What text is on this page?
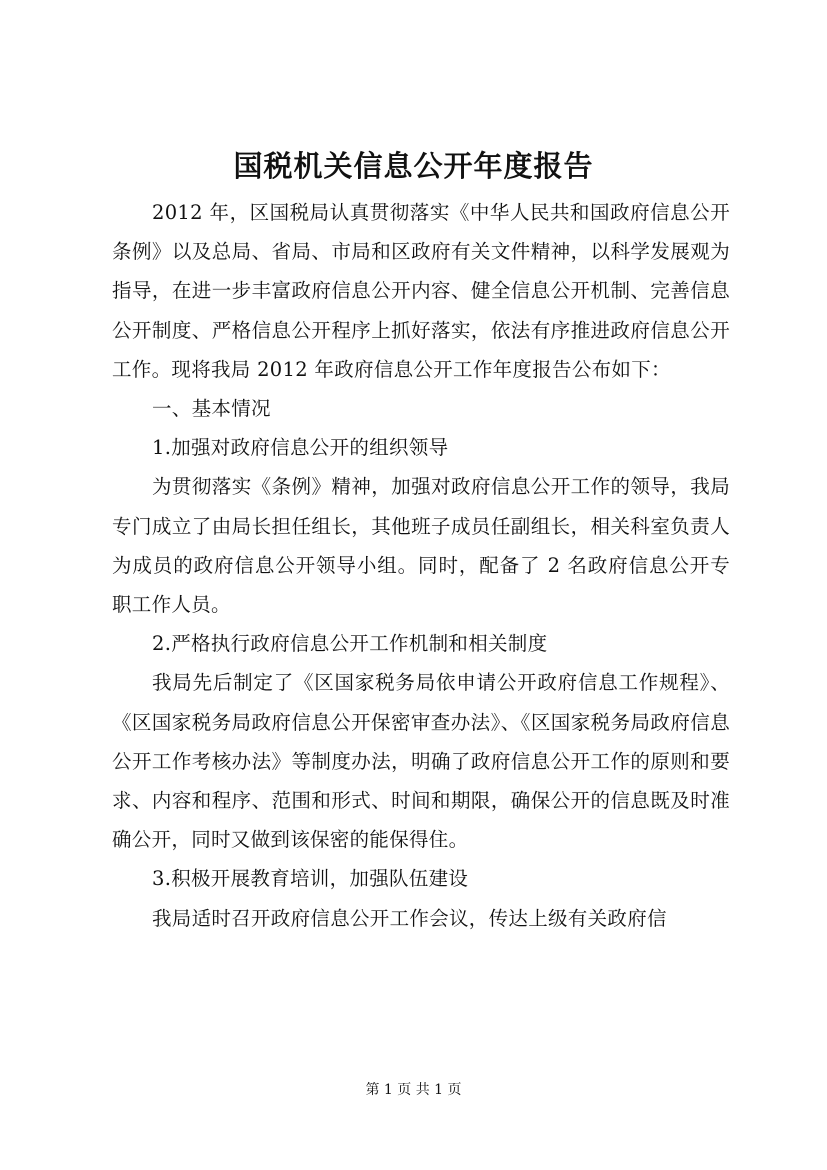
国税机关信息公开年度报告

2012 年，区国税局认真贯彻落实《中华人民共和国政府信息公开条例》以及总局、省局、市局和区政府有关文件精神，以科学发展观为指导，在进一步丰富政府信息公开内容、健全信息公开机制、完善信息公开制度、严格信息公开程序上抓好落实，依法有序推进政府信息公开工作。现将我局 2012 年政府信息公开工作年度报告公布如下：

一、基本情况

1.加强对政府信息公开的组织领导

为贯彻落实《条例》精神，加强对政府信息公开工作的领导，我局专门成立了由局长担任组长，其他班子成员任副组长，相关科室负责人为成员的政府信息公开领导小组。同时，配备了 2 名政府信息公开专职工作人员。

2.严格执行政府信息公开工作机制和相关制度

我局先后制定了《区国家税务局依申请公开政府信息工作规程》、《区国家税务局政府信息公开保密审查办法》、《区国家税务局政府信息公开工作考核办法》等制度办法，明确了政府信息公开工作的原则和要求、内容和程序、范围和形式、时间和期限，确保公开的信息既及时准确公开，同时又做到该保密的能保得住。

3.积极开展教育培训，加强队伍建设

我局适时召开政府信息公开工作会议，传达上级有关政府信

第 1 页 共 1 页
